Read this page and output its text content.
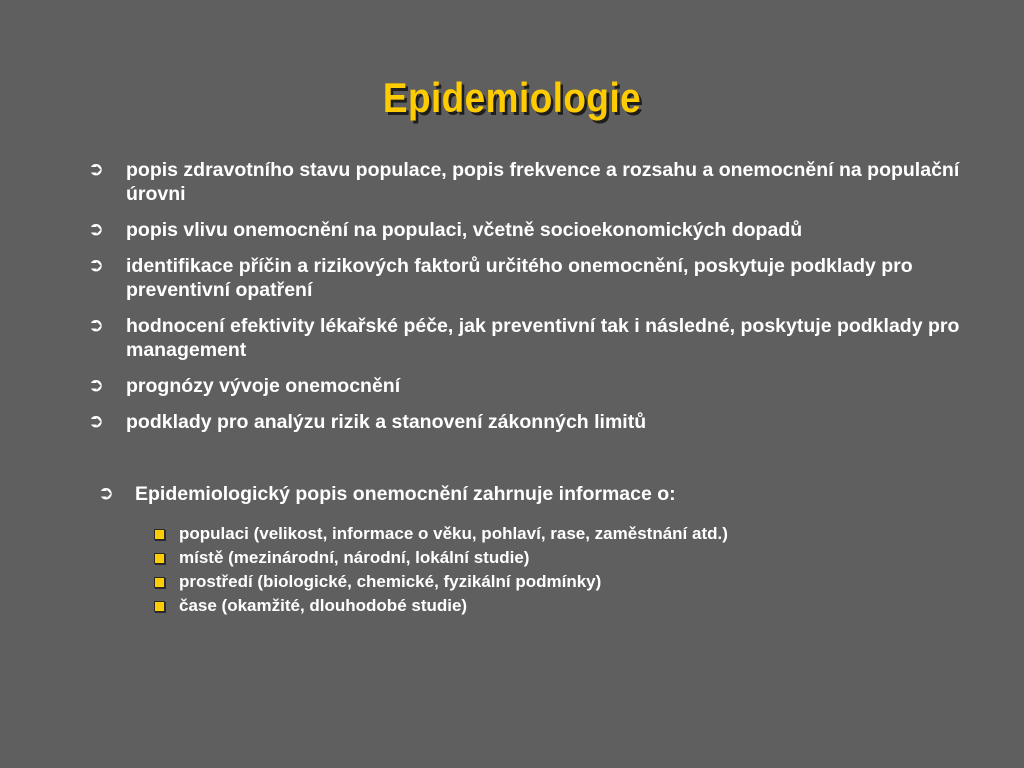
Epidemiologie
➲ popis zdravotního stavu populace, popis frekvence a rozsahu a onemocnění na populační úrovni
➲ popis vlivu onemocnění na populaci, včetně socioekonomických dopadů
➲ identifikace příčin a rizikových faktorů určitého onemocnění, poskytuje podklady pro preventivní opatření
➲ hodnocení efektivity lékařské péče, jak preventivní tak i následné, poskytuje podklady pro management
➲ prognózy vývoje onemocnění
➲ podklady pro analýzu rizik a stanovení zákonných limitů
➲ Epidemiologický popis onemocnění zahrnuje informace o:
populaci (velikost, informace o věku, pohlaví, rase, zaměstnání atd.)
místě (mezinárodní, národní, lokální studie)
prostředí (biologické, chemické, fyzikální podmínky)
čase (okamžité, dlouhodobé studie)
